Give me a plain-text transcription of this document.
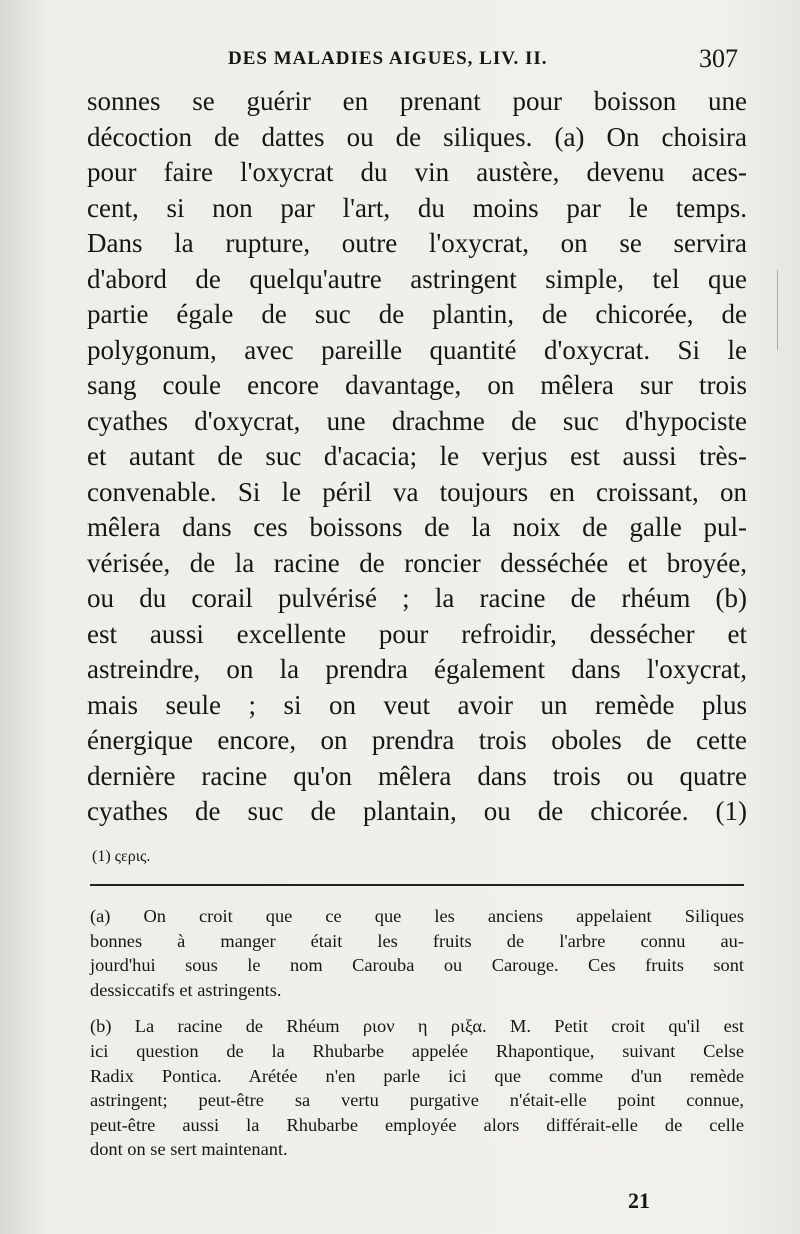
DES MALADIES AIGUES, LIV. II.	307
sonnes se guérir en prenant pour boisson une
décoction de dattes ou de siliques. (a) On choisira
pour faire l'oxycrat du vin austère, devenu aces-
cent, si non par l'art, du moins par le temps.
Dans la rupture, outre l'oxycrat, on se servira
d'abord de quelqu'autre astringent simple, tel que
partie égale de suc de plantin, de chicorée, de
polygonum, avec pareille quantité d'oxycrat. Si le
sang coule encore davantage, on mêlera sur trois
cyathes d'oxycrat, une drachme de suc d'hypociste
et autant de suc d'acacia; le verjus est aussi très-
convenable. Si le péril va toujours en croissant, on
mêlera dans ces boissons de la noix de galle pul-
vérisée, de la racine de roncier desséchée et broyée,
ou du corail pulvérisé ; la racine de rhéum (b)
est aussi excellente pour refroidir, dessécher et
astreindre, on la prendra également dans l'oxycrat,
mais seule ; si on veut avoir un remède plus
énergique encore, on prendra trois oboles de cette
dernière racine qu'on mêlera dans trois ou quatre
cyathes de suc de plantain, ou de chicorée. (1)
(1) ςερις.
(a) On croit que ce que les anciens appelaient Siliques
bonnes à manger était les fruits de l'arbre connu au-
jourd'hui sous le nom Carouba ou Carouge. Ces fruits sont
dessiccatifs et astringents.
(b) La racine de Rhéum ριον η ριξα. M. Petit croit qu'il est
ici question de la Rhubarbe appelée Rhapontique, suivant Celse
Radix Pontica. Arétée n'en parle ici que comme d'un remède
astringent; peut-être sa vertu purgative n'était-elle point connue,
peut-être aussi la Rhubarbe employée alors différait-elle de celle
dont on se sert maintenant.
21
